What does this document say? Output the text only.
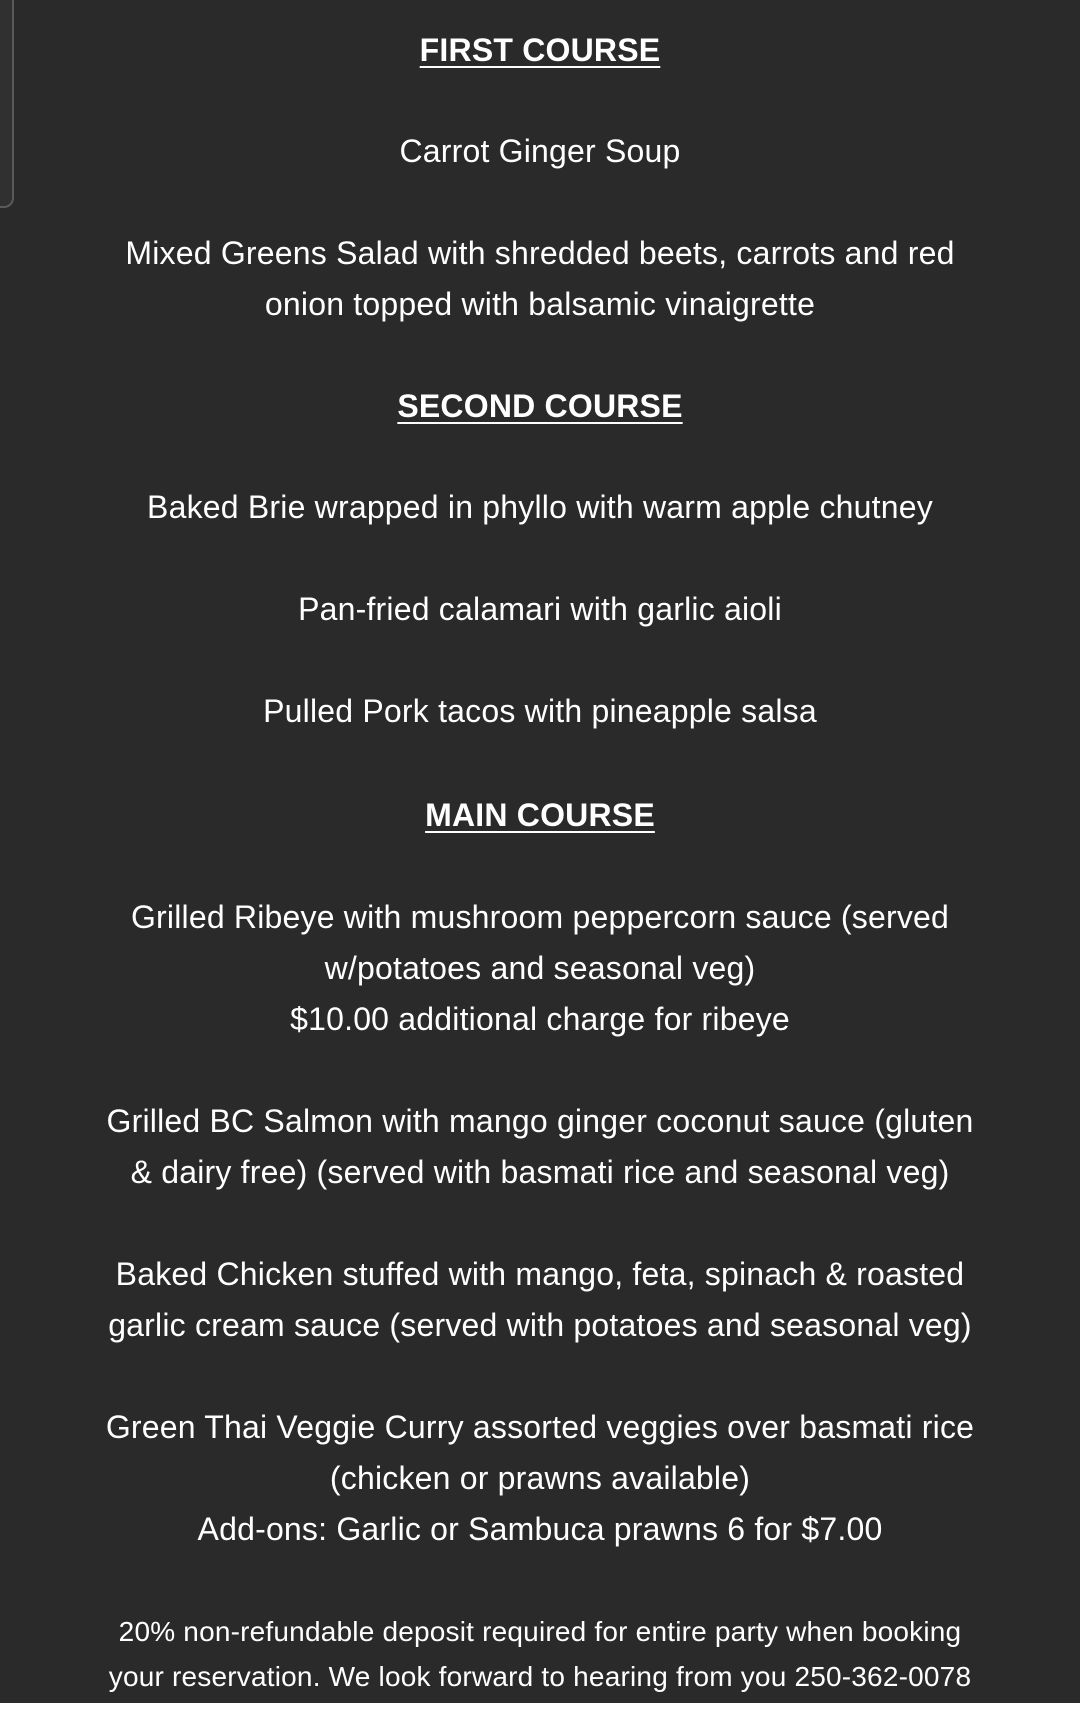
FIRST COURSE
Carrot Ginger Soup
Mixed Greens Salad with shredded beets, carrots and red
onion topped with balsamic vinaigrette
SECOND COURSE
Baked Brie wrapped in phyllo with warm apple chutney
Pan-fried calamari with garlic aioli
Pulled Pork tacos with pineapple salsa
MAIN COURSE
Grilled Ribeye with mushroom peppercorn sauce (served
w/potatoes and seasonal veg)
$10.00 additional charge for ribeye
Grilled BC Salmon with mango ginger coconut sauce (gluten
& dairy free) (served with basmati rice and seasonal veg)
Baked Chicken stuffed with mango, feta, spinach & roasted
garlic cream sauce (served with potatoes and seasonal veg)
Green Thai Veggie Curry assorted veggies over basmati rice
(chicken or prawns available)
Add-ons: Garlic or Sambuca prawns 6 for $7.00
20% non-refundable deposit required for entire party when booking
your reservation. We look forward to hearing from you 250-362-0078
